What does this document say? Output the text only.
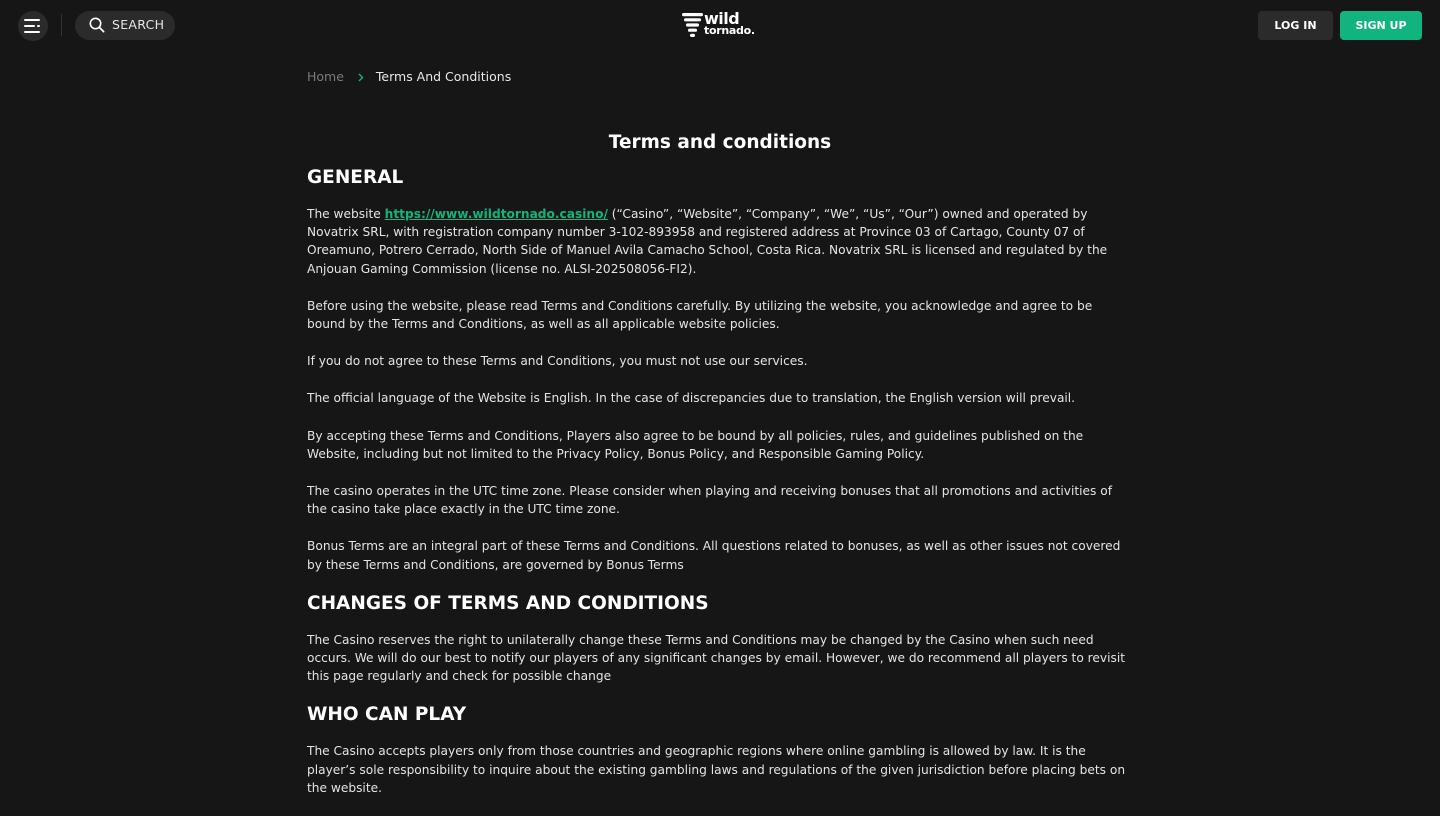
SEARCH	wild
tornado.	LOG IN	SIGN UP
Home	Terms And Conditions
Terms and conditions
GENERAL

The website https://www.wildtornado.casino/ (“Casino”, “Website”, “Company”, “We”, “Us”, “Our”) owned and operated by Novatrix SRL, with registration company number 3-102-893958 and registered address at Province 03 of Cartago, County 07 of Oreamuno, Potrero Cerrado, North Side of Manuel Avila Camacho School, Costa Rica. Novatrix SRL is licensed and regulated by the Anjouan Gaming Commission (license no. ALSI-202508056-FI2).

Before using the website, please read Terms and Conditions carefully. By utilizing the website, you acknowledge and agree to be bound by the Terms and Conditions, as well as all applicable website policies.

If you do not agree to these Terms and Conditions, you must not use our services.

The official language of the Website is English. In the case of discrepancies due to translation, the English version will prevail.

By accepting these Terms and Conditions, Players also agree to be bound by all policies, rules, and guidelines published on the Website, including but not limited to the Privacy Policy, Bonus Policy, and Responsible Gaming Policy.

The casino operates in the UTC time zone. Please consider when playing and receiving bonuses that all promotions and activities of the casino take place exactly in the UTC time zone.

Bonus Terms are an integral part of these Terms and Conditions. All questions related to bonuses, as well as other issues not covered by these Terms and Conditions, are governed by Bonus Terms

CHANGES OF TERMS AND CONDITIONS

The Casino reserves the right to unilaterally change these Terms and Conditions may be changed by the Casino when such need occurs. We will do our best to notify our players of any significant changes by email. However, we do recommend all players to revisit this page regularly and check for possible change

WHO CAN PLAY

The Casino accepts players only from those countries and geographic regions where online gambling is allowed by law. It is the player’s sole responsibility to inquire about the existing gambling laws and regulations of the given jurisdiction before placing bets on the website.
